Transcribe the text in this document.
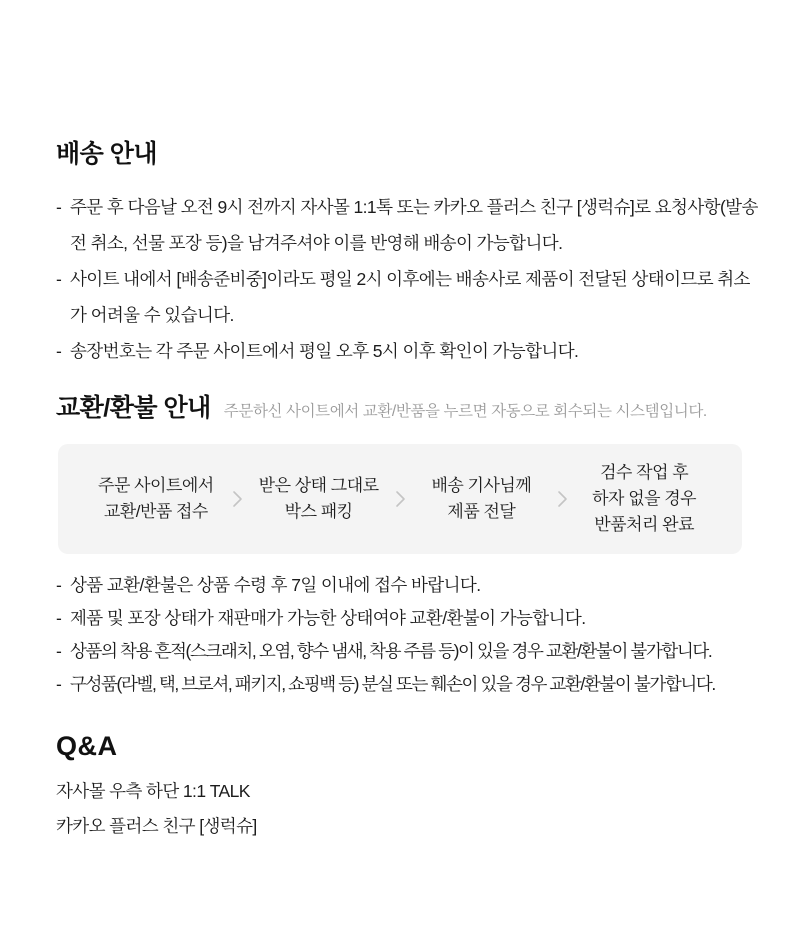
배송 안내
- 주문 후 다음날 오전 9시 전까지 자사몰 1:1톡 또는 카카오 플러스 친구 [생럭슈]로 요청사항(발송 전 취소, 선물 포장 등)을 남겨주셔야 이를 반영해 배송이 가능합니다.
- 사이트 내에서 [배송준비중]이라도 평일 2시 이후에는 배송사로 제품이 전달된 상태이므로 취소가 어려울 수 있습니다.
- 송장번호는 각 주문 사이트에서 평일 오후 5시 이후 확인이 가능합니다.
교환/환불 안내 주문하신 사이트에서 교환/반품을 누르면 자동으로 회수되는 시스템입니다.
주문 사이트에서
교환/반품 접수
받은 상태 그대로
박스 패킹
배송 기사님께
제품 전달
검수 작업 후
하자 없을 경우
반품처리 완료
- 상품 교환/환불은 상품 수령 후 7일 이내에 접수 바랍니다.
- 제품 및 포장 상태가 재판매가 가능한 상태여야 교환/환불이 가능합니다.
- 상품의 착용 흔적(스크래치, 오염, 향수 냄새, 착용 주름 등)이 있을 경우 교환/환불이 불가합니다.
- 구성품(라벨, 택, 브로셔, 패키지, 쇼핑백 등) 분실 또는 훼손이 있을 경우 교환/환불이 불가합니다.
Q&A
자사몰 우측 하단 1:1 TALK
카카오 플러스 친구 [생럭슈]
